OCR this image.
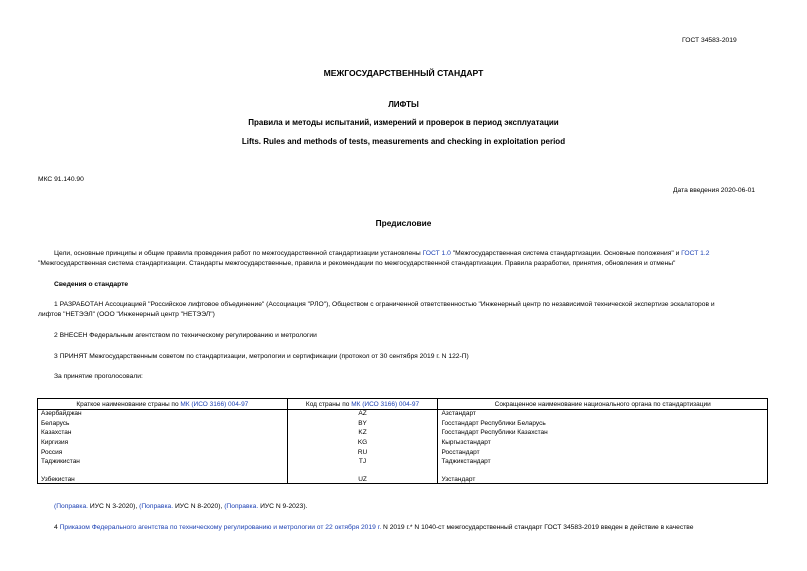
ГОСТ 34583-2019
МЕЖГОСУДАРСТВЕННЫЙ СТАНДАРТ
ЛИФТЫ
Правила и методы испытаний, измерений и проверок в период эксплуатации
Lifts. Rules and methods of tests, measurements and checking in exploitation period
МКС 91.140.90
Дата введения 2020-06-01
Предисловие
Цели, основные принципы и общие правила проведения работ по межгосударственной стандартизации установлены ГОСТ 1.0 "Межгосударственная система стандартизации. Основные положения" и ГОСТ 1.2
"Межгосударственная система стандартизации. Стандарты межгосударственные, правила и рекомендации по межгосударственной стандартизации. Правила разработки, принятия, обновления и отмены"
Сведения о стандарте
1 РАЗРАБОТАН Ассоциацией "Российское лифтовое объединение" (Ассоциация "РЛО"), Обществом с ограниченной ответственностью "Инженерный центр по независимой технической экспертизе эскалаторов и
лифтов "НЕТЭЭЛ" (ООО "Инженерный центр "НЕТЭЭЛ")
2 ВНЕСЕН Федеральным агентством по техническому регулированию и метрологии
3 ПРИНЯТ Межгосударственным советом по стандартизации, метрологии и сертификации (протокол от 30 сентября 2019 г. N 122-П)
За принятие проголосовали:
Краткое наименование страны по МК (ИСО 3166) 004-97	Код страны по МК (ИСО 3166) 004-97	Сокращенное наименование национального органа по стандартизации
Азербайджан	AZ	Азстандарт
Беларусь	BY	Госстандарт Республики Беларусь
Казахстан	KZ	Госстандарт Республики Казахстан
Киргизия	KG	Кыргызстандарт
Россия	RU	Росстандарт
Таджикистан	TJ	Таджикстандарт
Узбекистан	UZ	Узстандарт
(Поправка. ИУС N 3-2020), (Поправка. ИУС N 8-2020), (Поправка. ИУС N 9-2023).
4 Приказом Федерального агентства по техническому регулированию и метрологии от 22 октября 2019 г. N 2019 г.* N 1040-ст межгосударственный стандарт ГОСТ 34583-2019 введен в действие в качестве
